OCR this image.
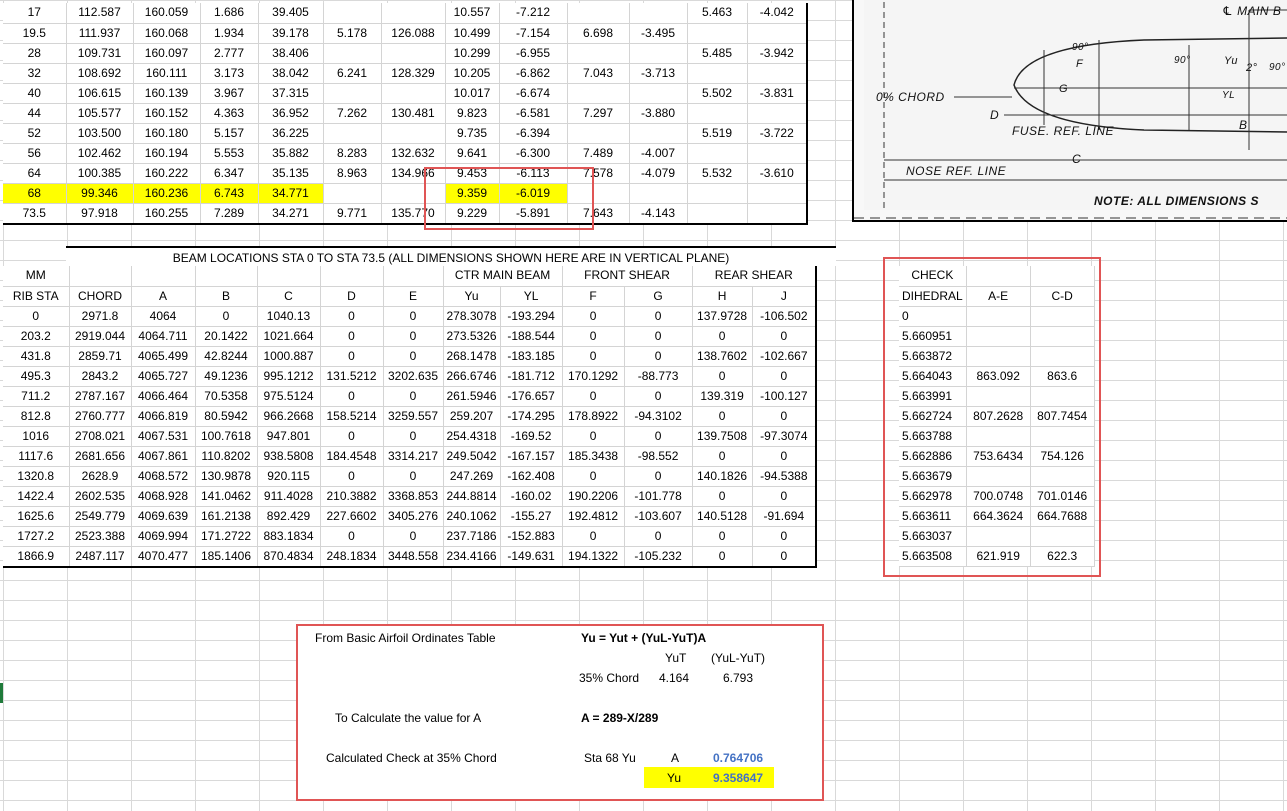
17	112.587	160.059	1.686	39.405			10.557	-7.212			5.463	-4.042
19.5	111.937	160.068	1.934	39.178	5.178	126.088	10.499	-7.154	6.698	-3.495		
28	109.731	160.097	2.777	38.406			10.299	-6.955			5.485	-3.942
32	108.692	160.111	3.173	38.042	6.241	128.329	10.205	-6.862	7.043	-3.713		
40	106.615	160.139	3.967	37.315			10.017	-6.674			5.502	-3.831
44	105.577	160.152	4.363	36.952	7.262	130.481	9.823	-6.581	7.297	-3.880		
52	103.500	160.180	5.157	36.225			9.735	-6.394			5.519	-3.722
56	102.462	160.194	5.553	35.882	8.283	132.632	9.641	-6.300	7.489	-4.007		
64	100.385	160.222	6.347	35.135	8.963	134.966	9.453	-6.113	7.578	-4.079	5.532	-3.610
68	99.346	160.236	6.743	34.771			9.359	-6.019				
73.5	97.918	160.255	7.289	34.271	9.771	135.770	9.229	-5.891	7.643	-4.143		
℄ MAIN B
90°
90°	Yu
2° 90°
F
G
YL
0% CHORD
D
FUSE. REF. LINE	B
C
NOSE REF. LINE
NOTE: ALL DIMENSIONS S
BEAM LOCATIONS STA 0 TO STA 73.5 (ALL DIMENSIONS SHOWN HERE ARE IN VERTICAL PLANE)
MM							CTR MAIN BEAM		FRONT SHEAR		REAR SHEAR	
RIB STA	CHORD	A	B	C	D	E	Yu	YL	F	G	H	J
0	2971.8	4064	0	1040.13	0	0	278.3078	-193.294	0	0	137.9728	-106.502
203.2	2919.044	4064.711	20.1422	1021.664	0	0	273.5326	-188.544	0	0	0	0
431.8	2859.71	4065.499	42.8244	1000.887	0	0	268.1478	-183.185	0	0	138.7602	-102.667
495.3	2843.2	4065.727	49.1236	995.1212	131.5212	3202.635	266.6746	-181.712	170.1292	-88.773	0	0
711.2	2787.167	4066.464	70.5358	975.5124	0	0	261.5946	-176.657	0	0	139.319	-100.127
812.8	2760.777	4066.819	80.5942	966.2668	158.5214	3259.557	259.207	-174.295	178.8922	-94.3102	0	0
1016	2708.021	4067.531	100.7618	947.801	0	0	254.4318	-169.52	0	0	139.7508	-97.3074
1117.6	2681.656	4067.861	110.8202	938.5808	184.4548	3314.217	249.5042	-167.157	185.3438	-98.552	0	0
1320.8	2628.9	4068.572	130.9878	920.115	0	0	247.269	-162.408	0	0	140.1826	-94.5388
1422.4	2602.535	4068.928	141.0462	911.4028	210.3882	3368.853	244.8814	-160.02	190.2206	-101.778	0	0
1625.6	2549.779	4069.639	161.2138	892.429	227.6602	3405.276	240.1062	-155.27	192.4812	-103.607	140.5128	-91.694
1727.2	2523.388	4069.994	171.2722	883.1834	0	0	237.7186	-152.883	0	0	0	0
1866.9	2487.117	4070.477	185.1406	870.4834	248.1834	3448.558	234.4166	-149.631	194.1322	-105.232	0	0
CHECK		
DIHEDRAL	A-E	C-D
0		
5.660951		
5.663872		
5.664043	863.092	863.6
5.663991		
5.662724	807.2628	807.7454
5.663788		
5.662886	753.6434	754.126
5.663679		
5.662978	700.0748	701.0146
5.663611	664.3624	664.7688
5.663037		
5.663508	621.919	622.3
From Basic Airfoil Ordinates Table	Yu = Yut + (YuL-YuT)A
YuT (YuL-YuT)
35% Chord 4.164	6.793
To Calculate the value for A	A = 289-X/289
Calculated Check at 35% Chord	Sta 68 Yu	A	0.764706
Yu	9.358647
